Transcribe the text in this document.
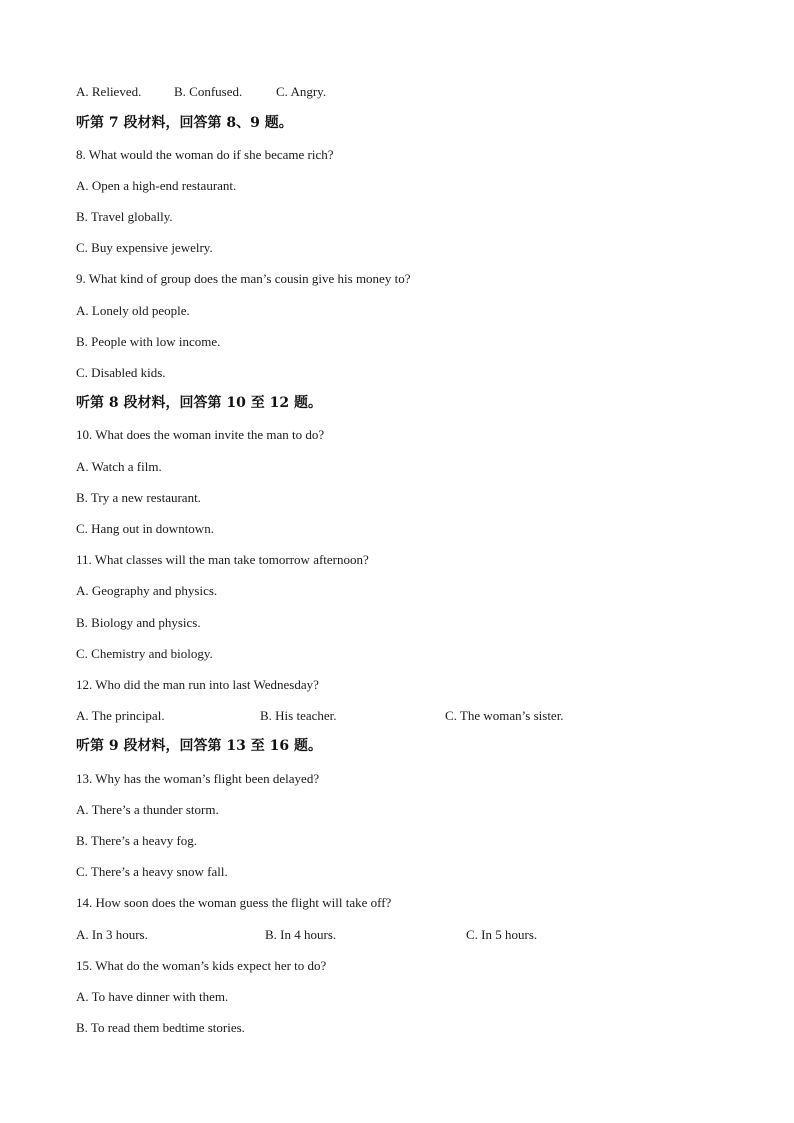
A. Relieved.	B. Confused.	C. Angry.
听第 7 段材料，回答第 8、9 题。
8. What would the woman do if she became rich?
A. Open a high-end restaurant.
B. Travel globally.
C. Buy expensive jewelry.
9. What kind of group does the man’s cousin give his money to?
A. Lonely old people.
B. People with low income.
C. Disabled kids.
听第 8 段材料，回答第 10 至 12 题。
10. What does the woman invite the man to do?
A. Watch a film.
B. Try a new restaurant.
C. Hang out in downtown.
11. What classes will the man take tomorrow afternoon?
A. Geography and physics.
B. Biology and physics.
C. Chemistry and biology.
12. Who did the man run into last Wednesday?
A. The principal.	B. His teacher.	C. The woman’s sister.
听第 9 段材料，回答第 13 至 16 题。
13. Why has the woman’s flight been delayed?
A. There’s a thunder storm.
B. There’s a heavy fog.
C. There’s a heavy snow fall.
14. How soon does the woman guess the flight will take off?
A. In 3 hours.	B. In 4 hours.	C. In 5 hours.
15. What do the woman’s kids expect her to do?
A. To have dinner with them.
B. To read them bedtime stories.
